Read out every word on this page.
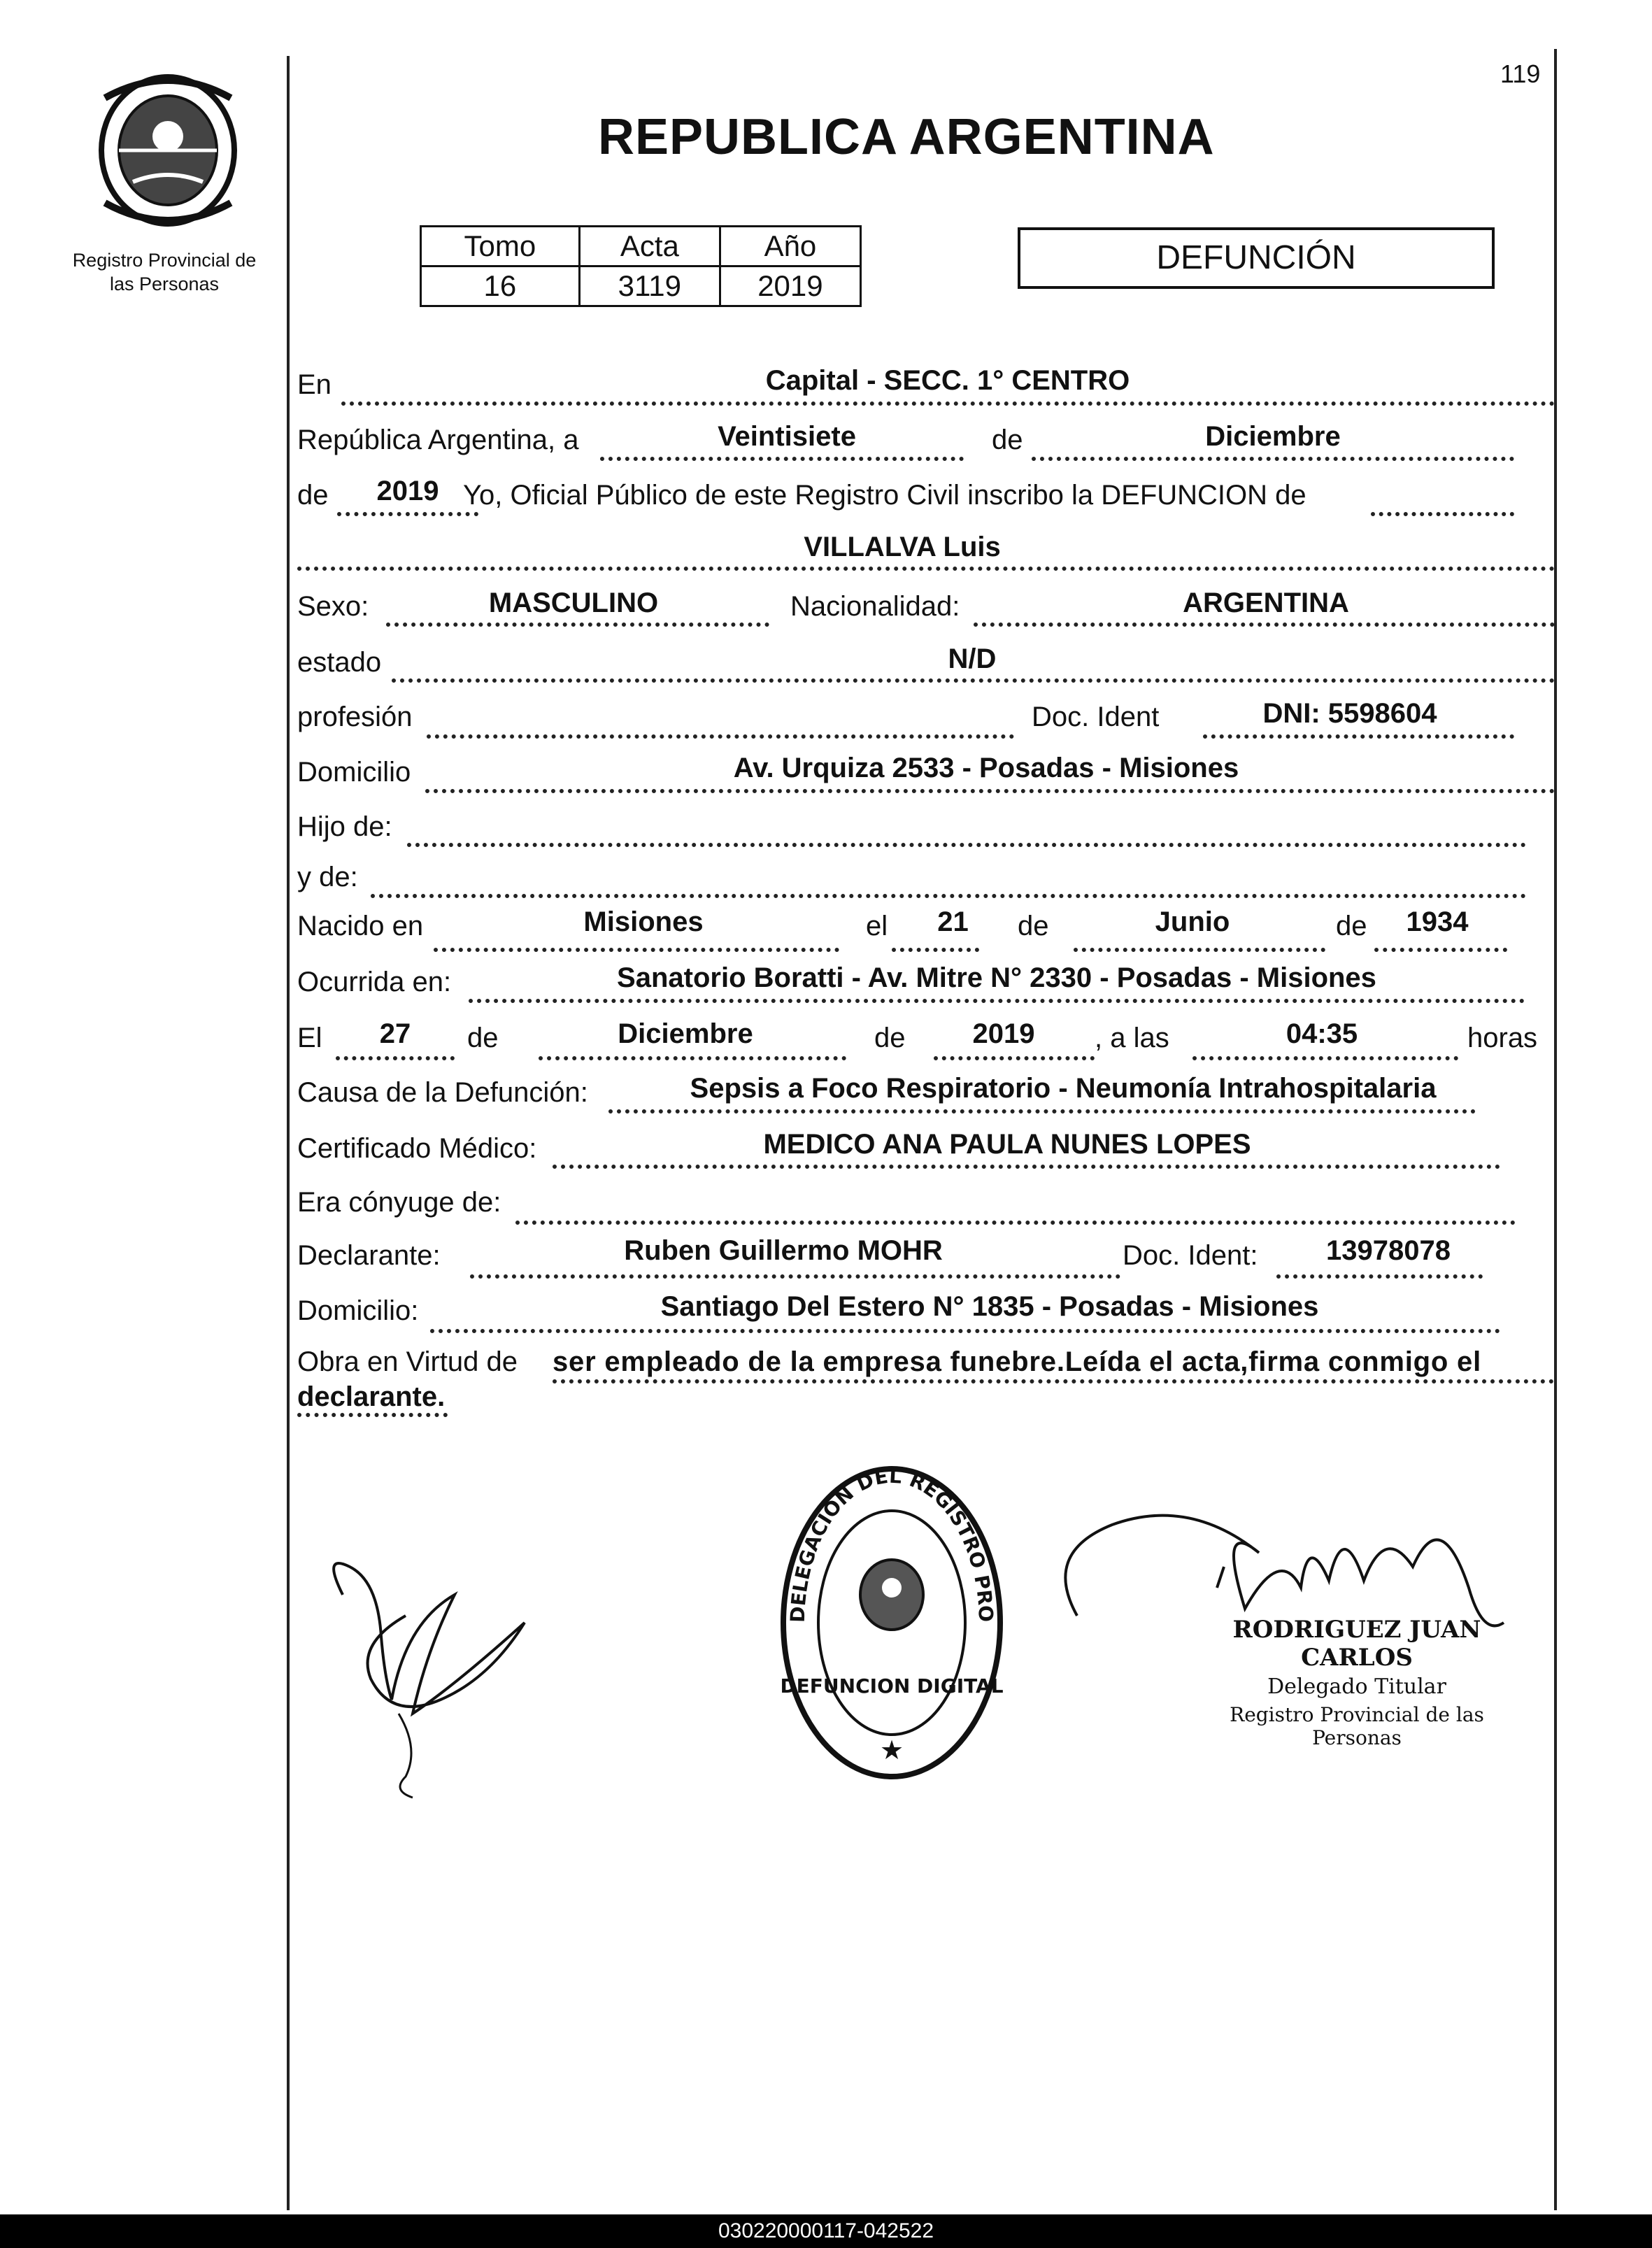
Registro Provincial de
las Personas
119
REPUBLICA ARGENTINA
Tomo	Acta	Año
16	3119	2019
DEFUNCIÓN
En	Capital - SECC. 1° CENTRO
República Argentina, a	Veintisiete	de	Diciembre
de	2019 Yo, Oficial Público de este Registro Civil inscribo la DEFUNCION de
VILLALVA Luis
Sexo:	MASCULINO	Nacionalidad:	ARGENTINA
estado	N/D
profesión	Doc. Ident	DNI: 5598604
Domicilio	Av. Urquiza 2533 - Posadas - Misiones
Hijo de:
y de:
Nacido en	Misiones	el	21	de	Junio	de	1934
Ocurrida en:	Sanatorio Boratti - Av. Mitre N° 2330 - Posadas - Misiones
El	27	de	Diciembre	de	2019	, a las	04:35	horas
Causa de la Defunción:	Sepsis a Foco Respiratorio - Neumonía Intrahospitalaria
Certificado Médico:	MEDICO ANA PAULA NUNES LOPES
Era cónyuge de:
Declarante:	Ruben Guillermo MOHR	Doc. Ident:	13978078
Domicilio:	Santiago Del Estero N° 1835 - Posadas - Misiones
Obra en Virtud de ser empleado de la empresa funebre.Leída el acta,firma conmigo el
declarante.
DELEGACION DEL REGISTRO PRO
DEFUNCION DIGITAL
★
RODRIGUEZ JUAN CARLOS
Delegado Titular
Registro Provincial de las Personas
030220000117-042522
